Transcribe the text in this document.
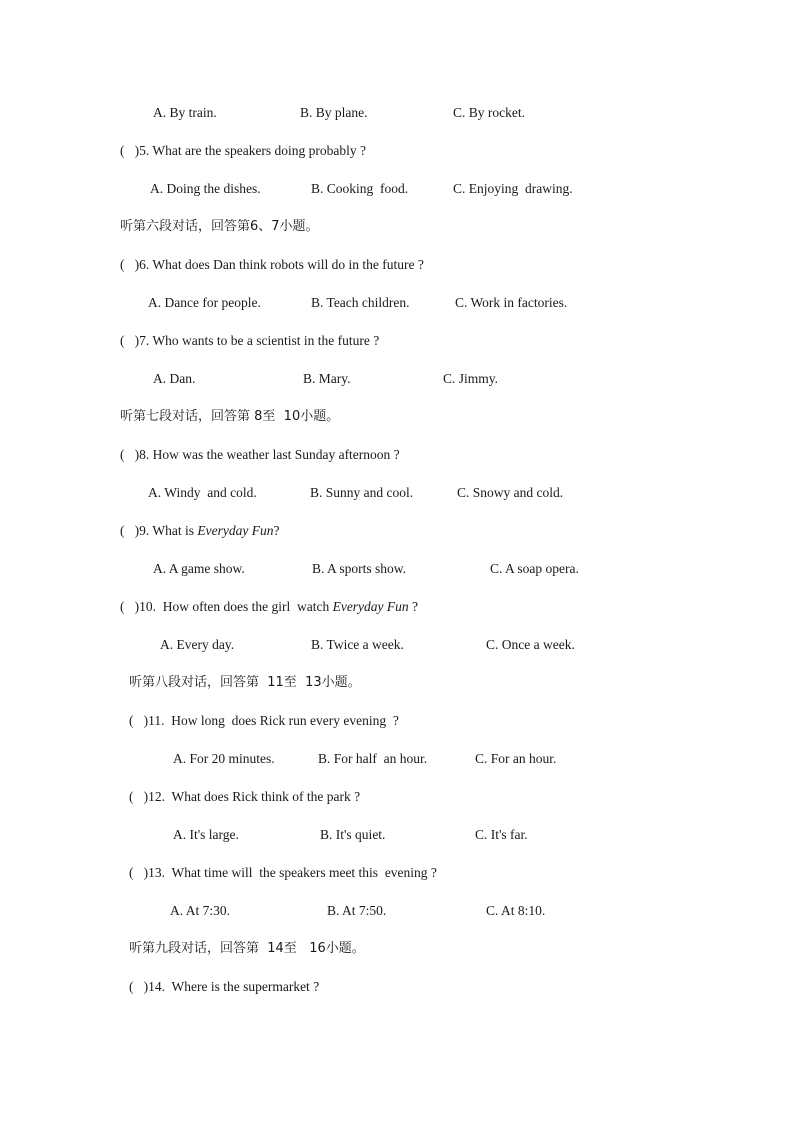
A. By train.	B. By plane.	C. By rocket.
(   )5. What are the speakers doing probably ?
A. Doing the dishes.	B. Cooking  food.	C. Enjoying  drawing.
听第六段对话，回答第6、7小题。
(   )6. What does Dan think robots will do in the future ?
A. Dance for people.	B. Teach children.	C. Work in factories.
(   )7. Who wants to be a scientist in the future ?
A. Dan.	B. Mary.	C. Jimmy.
听第七段对话，回答第 8至  10小题。
(   )8. How was the weather last Sunday afternoon ?
A. Windy  and cold.	B. Sunny and cool.	C. Snowy and cold.
(   )9. What is Everyday Fun?
A. A game show.	B. A sports show.	C. A soap opera.
(   )10.  How often does the girl  watch Everyday Fun ?
A. Every day.	B. Twice a week.	C. Once a week.
听第八段对话，回答第  11至  13小题。
(   )11.  How long  does Rick run every evening  ?
A. For 20 minutes.	B. For half  an hour.	C. For an hour.
(   )12.  What does Rick think of the park ?
A. It's large.	B. It's quiet.	C. It's far.
(   )13.  What time will  the speakers meet this  evening ?
A. At 7:30.	B. At 7:50.	C. At 8:10.
听第九段对话，回答第  14至   16小题。
(   )14.  Where is the supermarket ?
